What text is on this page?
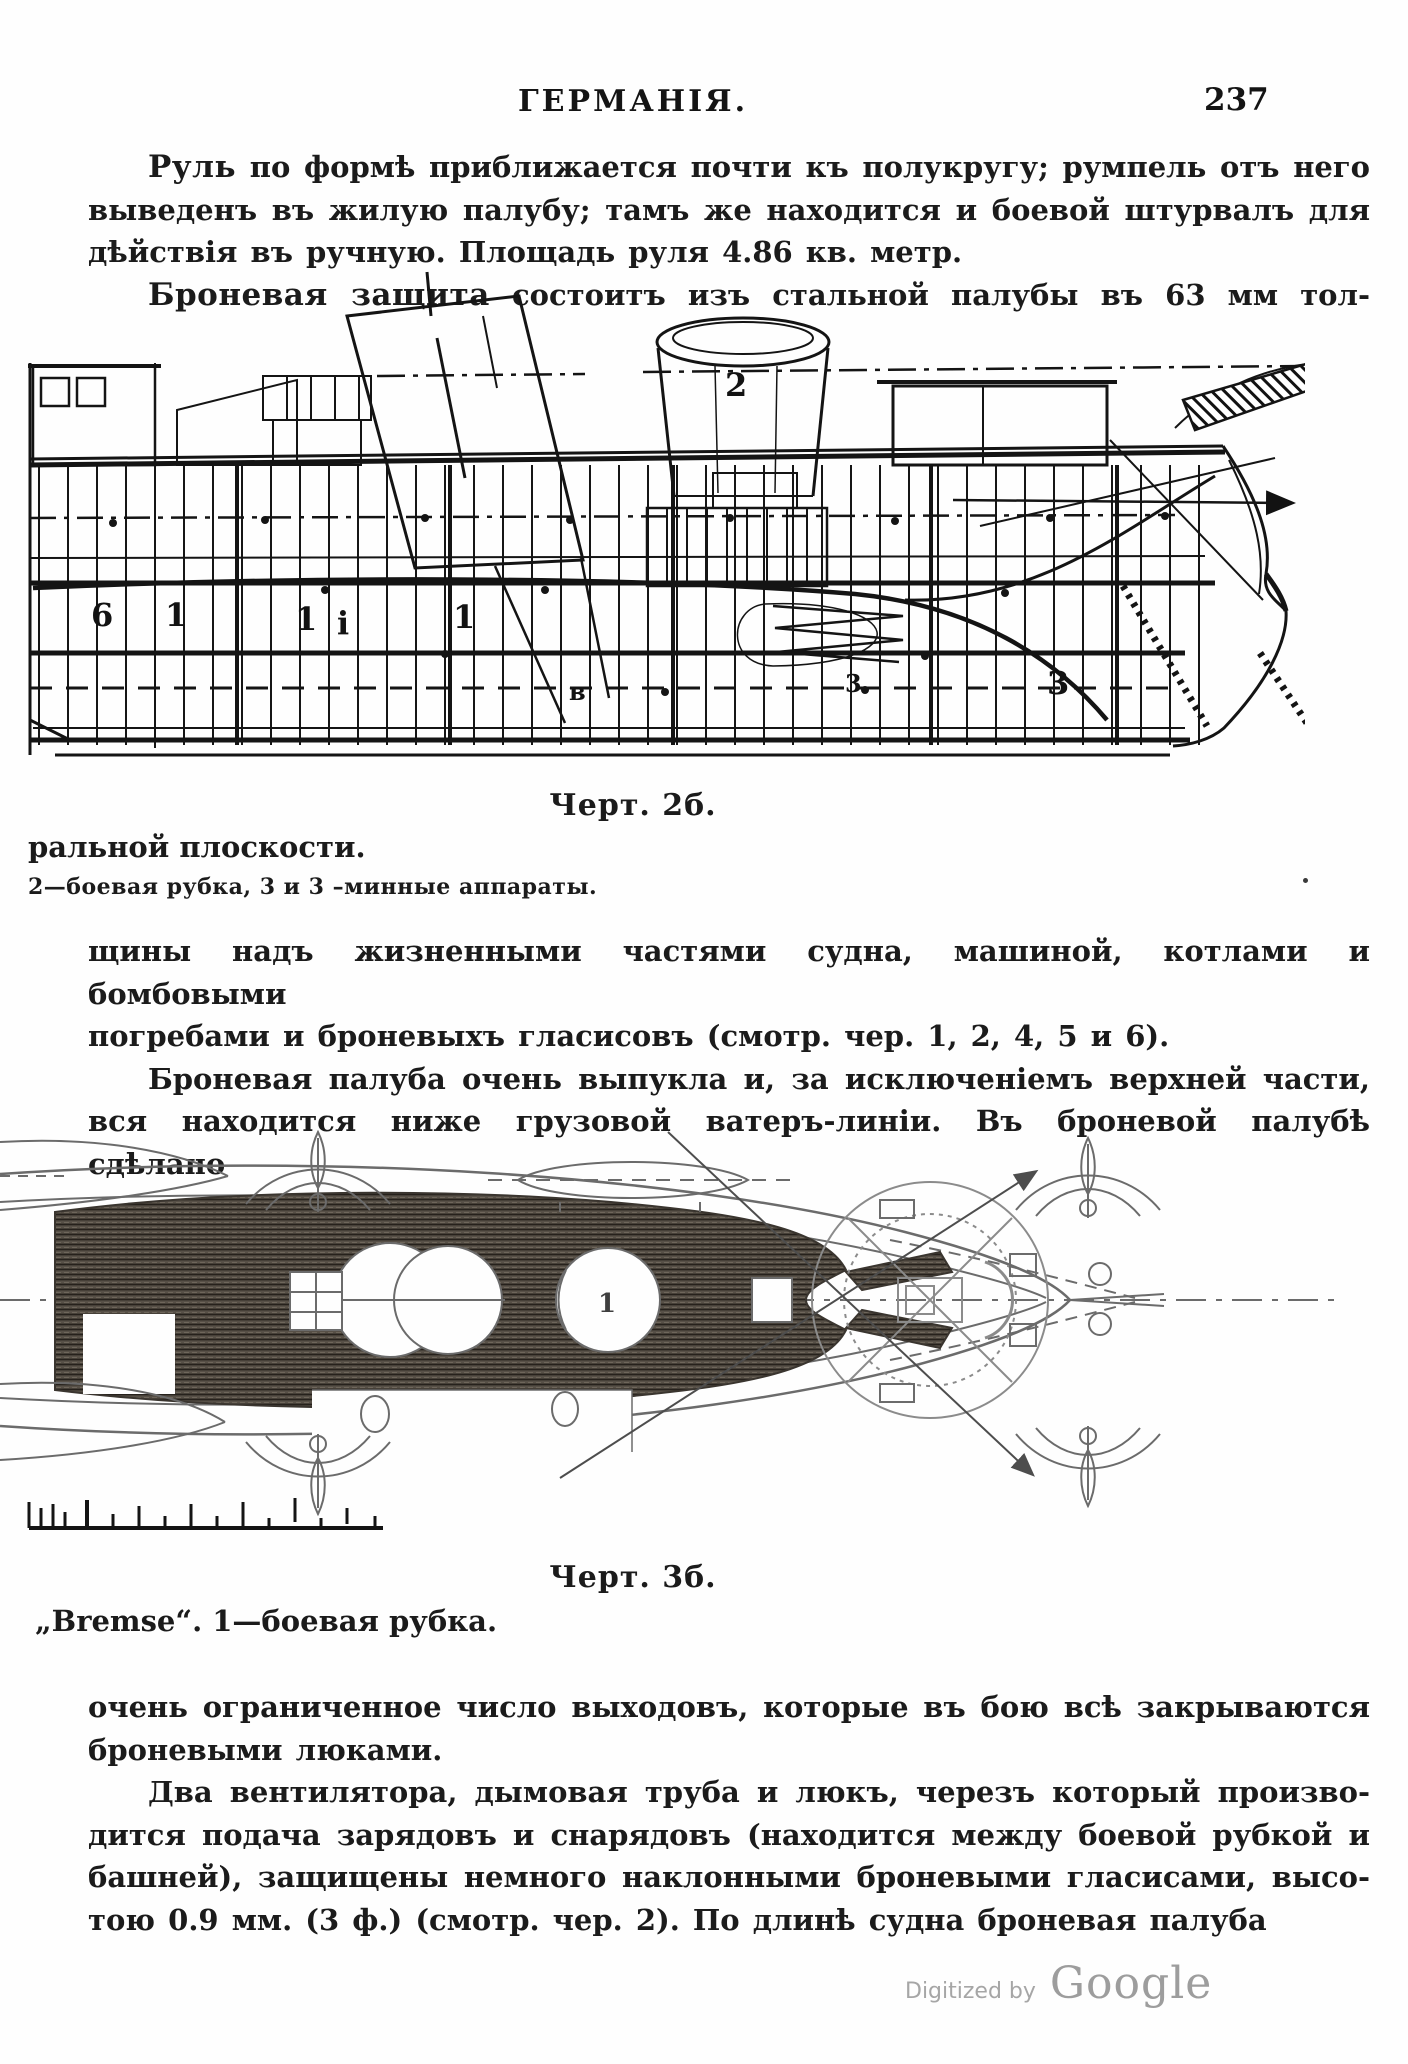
ГЕРМАНІЯ.	237
Руль по формѣ приближается почти къ полукругу; румпель отъ него
выведенъ въ жилую палубу; тамъ же находится и боевой штурвалъ для
дѣйствія въ ручную. Площадь руля 4.86 кв. метр.
Броневая защита состоитъ изъ стальной палубы въ 63 мм тол-
6 1	1 i	1
в	3	3
2
Черт. 2б.
ральной плоскости.
2—боевая рубка, 3 и 3 –минные аппараты.
щины надъ жизненными частями судна, машиной, котлами и бомбовыми
погребами и броневыхъ гласисовъ (смотр. чер. 1, 2, 4, 5 и 6).
Броневая палуба очень выпукла и, за исключеніемъ верхней части,
вся находится ниже грузовой ватеръ-линіи. Въ броневой палубѣ сдѣлано
1
Черт. 3б.
„Bremse“. 1—боевая рубка.
очень ограниченное число выходовъ, которые въ бою всѣ закрываются
броневыми люками.
Два вентилятора, дымовая труба и люкъ, черезъ который произво-
дится подача зарядовъ и снарядовъ (находится между боевой рубкой и
башней), защищены немного наклонными броневыми гласисами, высо-
тою 0.9 мм. (3 ф.) (смотр. чер. 2). По длинѣ судна броневая палуба
Digitized by Google
